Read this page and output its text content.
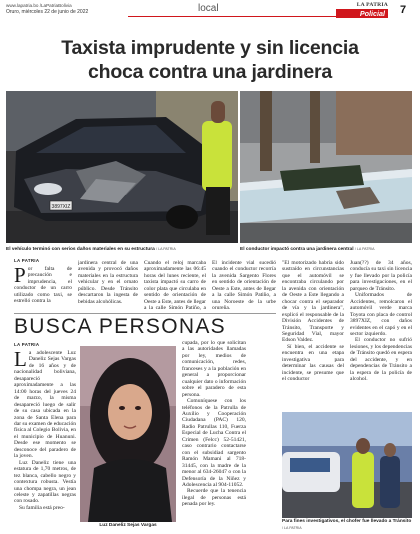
www.lapatria.bo /LaPatriaBolivia
Oruro, miércoles 22 de junio de 2022	local	LA PATRIA
Policial	7
Taxista imprudente y sin licencia
choca contra una jardinera
3897XIZ
El vehículo terminó con serios daños materiales en su estructura / LA PATRIA	El conductor impactó contra una jardinera central / LA PATRIA
LA PATRIA
P or falta de precaución e imprudencia, el conductor de un carro utilizado como taxi, se estrelló contra la

jardinera central de una avenida y provocó daños materiales en la estructura vehicular y en el ornato público. Desde Tránsito descartaron la ingesta de bebidas alcohólicas.

Cuando el reloj marcaba aproximadamente las 06:45 horas del lunes reciente, el taxista impactó su carro de color plata que circulaba en sentido de orientación de Oeste a Este, antes de llegar a la calle Simón Patiño, a

El incidente vial sucedió cuando el conductor recorría la avenida Sargento Flores en sentido de orientación de Oeste a Este, antes de llegar a la calle Simón Patiño, a una Noroeste de la urbe orureña.

"El motorizado habría sido sustraído en circunstancias que el automóvil se encontraba circulando por la avenida con orientación de Oeste a Este llegando a chocar contra el separador de vía y la jardinera", explicó el responsable de la División Accidentes de Tránsito, Transporte y Seguridad Vial, mayor Edson Valdez.

Sí bien, el accidente se encuentra en una etapa investigativa para determinar las causas del incidente, se presume que el conductor

Juan(??) de 34 años, conducía su taxi sin licencia y fue llevado por la policía para investigaciones, en el parqueo de Tránsito.

Uniformados de Accidentes, remolcaron el automóvil verde marca Toyota con placa de control 3897XIZ, con daños evidentes en el capó y en el sector izquierdo.

El conductor no sufrió lesiones, y los dependencias de Tránsito quedó en espera del accidente, y en dependencias de Tránsito a la espera de la policía de alcohol.

BUSCA PERSONAS
LA PATRIA
L a adolescente Luz Daneliz Sejas Vargas de 16 años y de nacionalidad boliviana, desapareció aproximadamente a las 14:00 horas del jueves 24 de marzo, la misma desapareció luego de salir de su casa ubicada en la zona de Santa Elena para dar su examen de educación física al Colegio Bolivia, en el municipio de Huanuni. Desde ese momento se desconoce del paradero de la joven.

Luz Daneliz tiene una estatura de 1,70 metros, de tez blanca, cabello negro y contextura robusta. Vestía una chompa negra, un jean celeste y zapatillas negras con rosado.

Su familia está preo-

Luz Daneliz Sejas Vargas

cupada, por lo que solicitan a las autoridades llamadas por ley, medios de comunicación, redes, franceses y a la población en general a proporcionar cualquier dato o información sobre el paradero de esta persona.

Comuníquese con los teléfonos de la Patrulla de Auxilio y Cooperación Ciudadana (PAC) 120, Radio Patrullas 110, Fuerza Especial de Lucha Contra el Crimen (Felcc) 52-51421, caso contrario contactarse con el subsidiad sargento Ramón Mamani al 718-31445, con la madre de la menor al 634-26047 o con la Defensoría de la Niñez y Adolescencia al 904-11052.

Recuerde que la tenencia ilegal de personas está penada por ley.

Para fines investigativos, el chofer fue llevado a Tránsito / LA PATRIA
